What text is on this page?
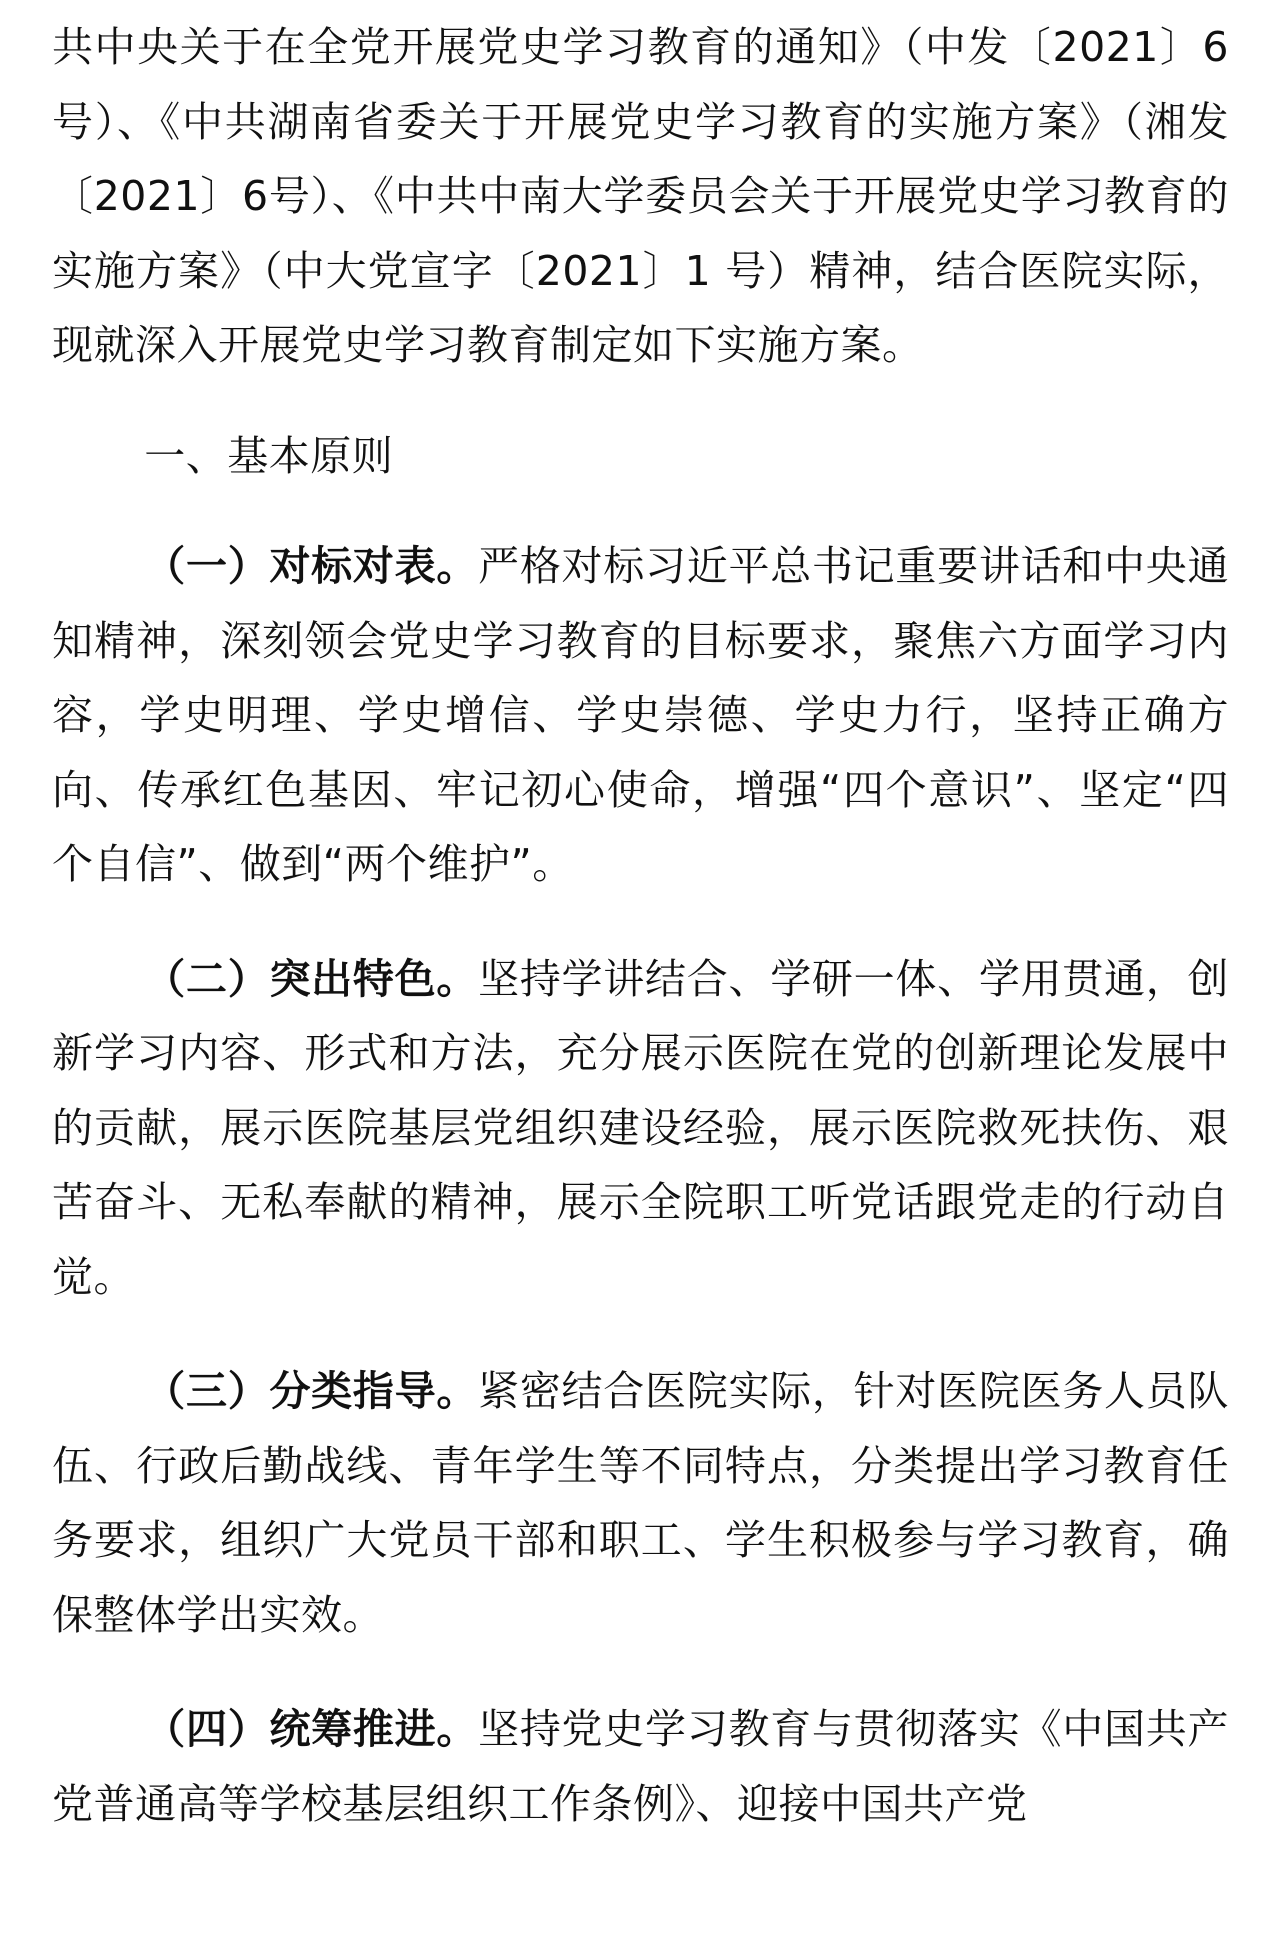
共中央关于在全党开展党史学习教育的通知》（中发〔2021〕6号）、《中共湖南省委关于开展党史学习教育的实施方案》（湘发〔2021〕6号）、《中共中南大学委员会关于开展党史学习教育的实施方案》（中大党宣字〔2021〕1 号）精神，结合医院实际，现就深入开展党史学习教育制定如下实施方案。

一、基本原则

（一）对标对表。严格对标习近平总书记重要讲话和中央通知精神，深刻领会党史学习教育的目标要求，聚焦六方面学习内容，学史明理、学史增信、学史崇德、学史力行，坚持正确方向、传承红色基因、牢记初心使命，增强“四个意识”、坚定“四个自信”、做到“两个维护”。

（二）突出特色。坚持学讲结合、学研一体、学用贯通，创新学习内容、形式和方法，充分展示医院在党的创新理论发展中的贡献，展示医院基层党组织建设经验，展示医院救死扶伤、艰苦奋斗、无私奉献的精神，展示全院职工听党话跟党走的行动自觉。

（三）分类指导。紧密结合医院实际，针对医院医务人员队伍、行政后勤战线、青年学生等不同特点，分类提出学习教育任务要求，组织广大党员干部和职工、学生积极参与学习教育，确保整体学出实效。

（四）统筹推进。坚持党史学习教育与贯彻落实《中国共产党普通高等学校基层组织工作条例》、迎接中国共产党
